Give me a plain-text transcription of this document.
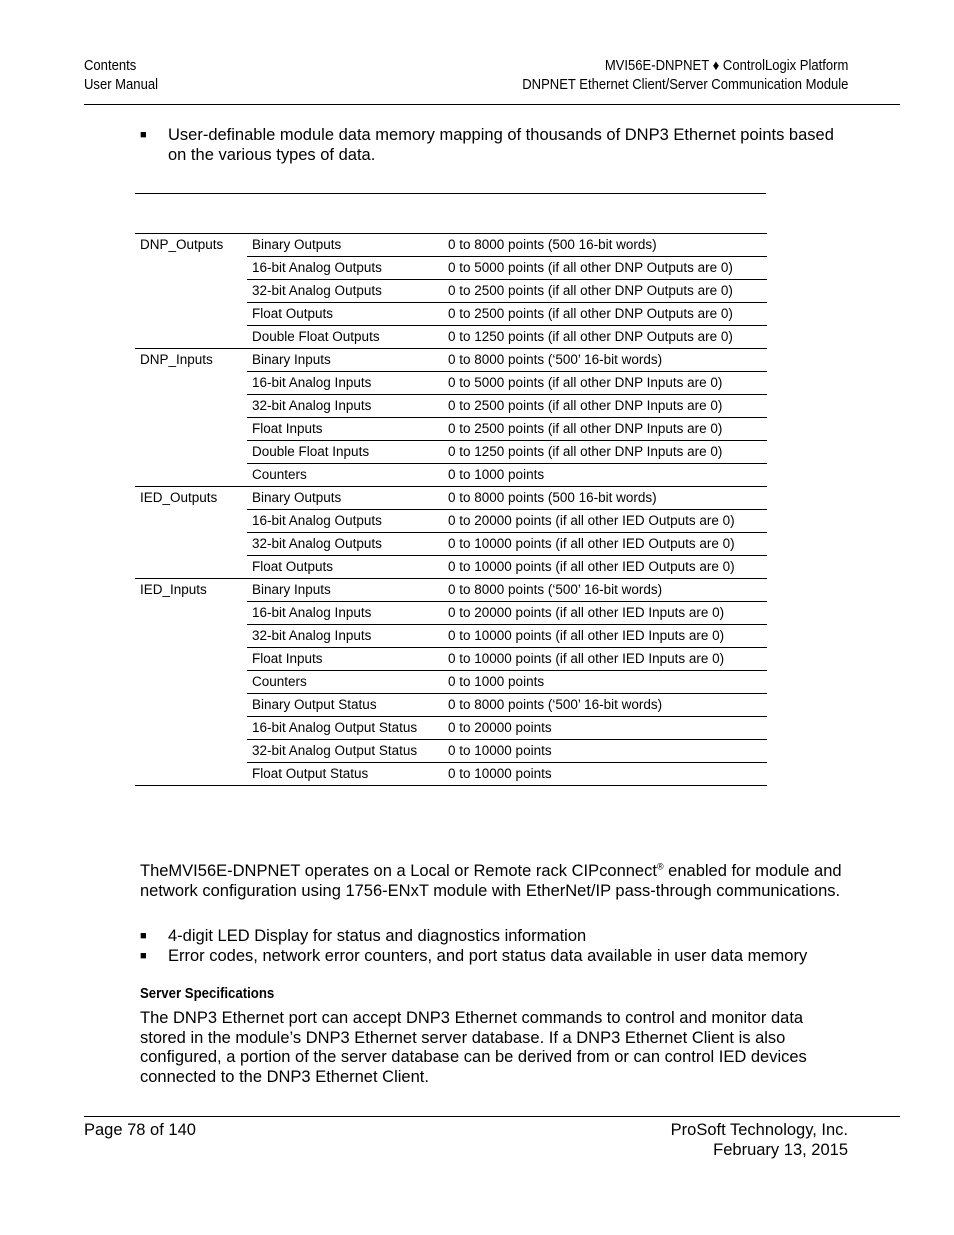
Contents
User Manual
MVI56E-DNPNET ♦ ControlLogix Platform
DNPNET Ethernet Client/Server Communication Module
■ User-definable module data memory mapping of thousands of DNP3 Ethernet points based on the various types of data.
DNP_Outputs	Binary Outputs	0 to 8000 points (500 16-bit words)
	16-bit Analog Outputs	0 to 5000 points (if all other DNP Outputs are 0)
	32-bit Analog Outputs	0 to 2500 points (if all other DNP Outputs are 0)
	Float Outputs	0 to 2500 points (if all other DNP Outputs are 0)
	Double Float Outputs	0 to 1250 points (if all other DNP Outputs are 0)
DNP_Inputs	Binary Inputs	0 to 8000 points (‘500’ 16-bit words)
	16-bit Analog Inputs	0 to 5000 points (if all other DNP Inputs are 0)
	32-bit Analog Inputs	0 to 2500 points (if all other DNP Inputs are 0)
	Float Inputs	0 to 2500 points (if all other DNP Inputs are 0)
	Double Float Inputs	0 to 1250 points (if all other DNP Inputs are 0)
	Counters	0 to 1000 points
IED_Outputs	Binary Outputs	0 to 8000 points (500 16-bit words)
	16-bit Analog Outputs	0 to 20000 points (if all other IED Outputs are 0)
	32-bit Analog Outputs	0 to 10000 points (if all other IED Outputs are 0)
	Float Outputs	0 to 10000 points (if all other IED Outputs are 0)
IED_Inputs	Binary Inputs	0 to 8000 points (‘500’ 16-bit words)
	16-bit Analog Inputs	0 to 20000 points (if all other IED Inputs are 0)
	32-bit Analog Inputs	0 to 10000 points (if all other IED Inputs are 0)
	Float Inputs	0 to 10000 points (if all other IED Inputs are 0)
	Counters	0 to 1000 points
	Binary Output Status	0 to 8000 points (‘500’ 16-bit words)
	16-bit Analog Output Status	0 to 20000 points
	32-bit Analog Output Status	0 to 10000 points
	Float Output Status	0 to 10000 points
TheMVI56E-DNPNET operates on a Local or Remote rack CIPconnect® enabled for module and network configuration using 1756-ENxT module with EtherNet/IP pass-through communications.
■ 4-digit LED Display for status and diagnostics information
■ Error codes, network error counters, and port status data available in user data memory
Server Specifications
The DNP3 Ethernet port can accept DNP3 Ethernet commands to control and monitor data stored in the module’s DNP3 Ethernet server database. If a DNP3 Ethernet Client is also configured, a portion of the server database can be derived from or can control IED devices connected to the DNP3 Ethernet Client.
Page 78 of 140	ProSoft Technology, Inc.
February 13, 2015
